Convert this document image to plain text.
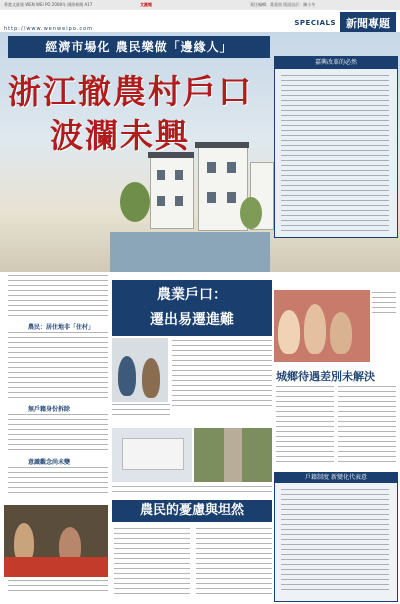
香港文匯報 WEN WEI PO 2008年 國際新聞 A17	文匯報	責任編輯：葉嘉茵 版面設計：陳小冬
SPECIALS 新聞專題
http://www.wenweipo.com
經濟市場化 農民樂做「邊緣人」
浙江撤農村戶口
波瀾未興
嘉興改革的必然
農民：居住地非「住村」
無戶籍身份拆除
意識觀念尚未變
農業戶口：
遷出易遷進難
農民的憂慮與坦然
城鄉待遇差別未解決
戶籍制度 新變化代表意
